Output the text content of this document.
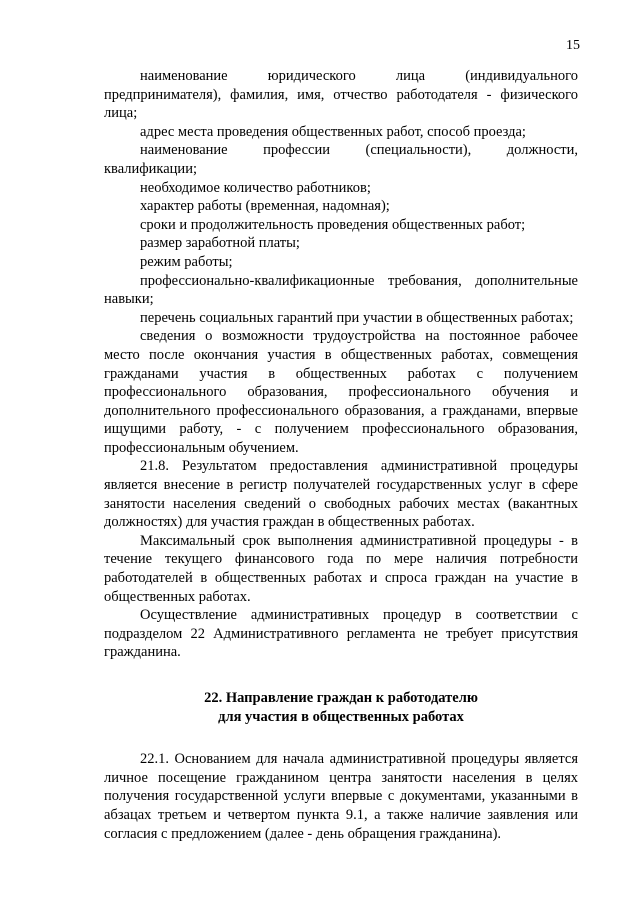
15

наименование юридического лица (индивидуального предпринимателя), фамилия, имя, отчество работодателя - физического лица;

адрес места проведения общественных работ, способ проезда;

наименование профессии (специальности), должности, квалификации;

необходимое количество работников;

характер работы (временная, надомная);

сроки и продолжительность проведения общественных работ;

размер заработной платы;

режим работы;

профессионально-квалификационные требования, дополнительные навыки;

перечень социальных гарантий при участии в общественных работах;

сведения о возможности трудоустройства на постоянное рабочее место после окончания участия в общественных работах, совмещения гражданами участия в общественных работах с получением профессионального образования, профессионального обучения и дополнительного профессионального образования, а гражданами, впервые ищущими работу, - с получением профессионального образования, профессиональным обучением.

21.8. Результатом предоставления административной процедуры является внесение в регистр получателей государственных услуг в сфере занятости населения сведений о свободных рабочих местах (вакантных должностях) для участия граждан в общественных работах.

Максимальный срок выполнения административной процедуры - в течение текущего финансового года по мере наличия потребности работодателей в общественных работах и спроса граждан на участие в общественных работах.

Осуществление административных процедур в соответствии с подразделом 22 Административного регламента не требует присутствия гражданина.

22. Направление граждан к работодателю
для участия в общественных работах

22.1. Основанием для начала административной процедуры является личное посещение гражданином центра занятости населения в целях получения государственной услуги впервые с документами, указанными в абзацах третьем и четвертом пункта 9.1, а также наличие заявления или согласия с предложением (далее - день обращения гражданина).
